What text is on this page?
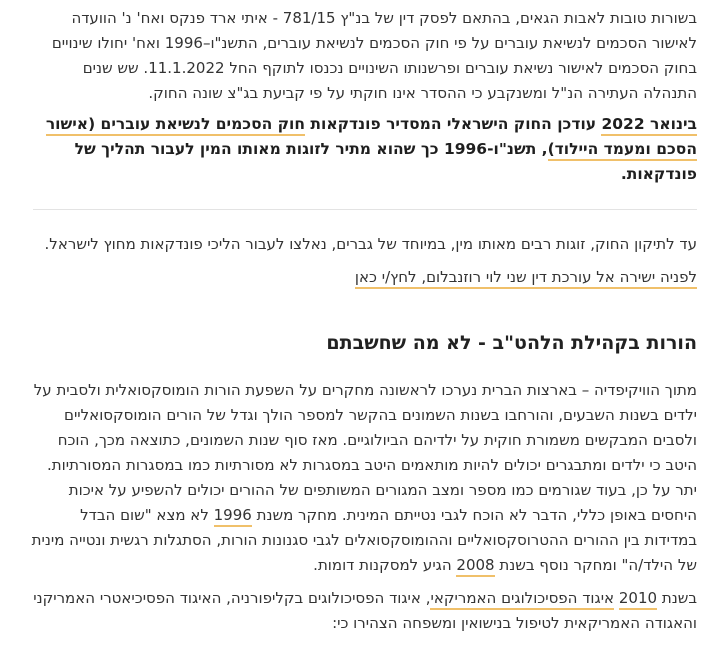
בשורות טובות לאבות הגאים, בהתאם לפסק דין של בנ"ץ 781/15 - איתי ארד פנקס ואח' נ' הוועדה לאישור הסכמים לנשיאת עוברים על פי חוק הסכמים לנשיאת עוברים, התשנ"ו–1996 ואח' יחולו שינויים בחוק הסכמים לאישור נשיאת עוברים ופרשנותו השינויים נכנסו לתוקף החל 11.1.2022. שש שנים התנהלה העתירה הנ"ל ומשנקבע כי ההסדר אינו חוקתי על פי קביעת בג"צ שונה החוק.

בינואר 2022 עודכן החוק הישראלי המסדיר פונדקאות חוק הסכמים לנשיאת עוברים (אישור הסכם ומעמד היילוד), תשנ"ו-1996 כך שהוא מתיר לזוגות מאותו המין לעבור תהליך של פונדקאות.

עד לתיקון החוק, זוגות רבים מאותו מין, במיוחד של גברים, נאלצו לעבור הליכי פונדקאות מחוץ לישראל.

לפניה ישירה אל עורכת דין שני לוי רוזנבלום, לחץ/י כאן

הורות בקהילת הלהט"ב - לא מה שחשבתם

מתוך הוויקיפדיה – בארצות הברית נערכו לראשונה מחקרים על השפעת הורות הומוסקסואלית ולסבית על ילדים בשנות השבעים, והורחבו בשנות השמונים בהקשר למספר הולך וגדל של הורים הומוסקסואליים ולסבים המבקשים משמורת חוקית על ילדיהם הביולוגיים. מאז סוף שנות השמונים, כתוצאה מכך, הוכח היטב כי ילדים ומתבגרים יכולים להיות מותאמים היטב במסגרות לא מסורתיות כמו במסגרות המסורתיות. יתר על כן, בעוד שגורמים כמו מספר ומצב המגורים המשותפים של ההורים יכולים להשפיע על איכות היחסים באופן כללי, הדבר לא הוכח לגבי נטייתם המינית. מחקר משנת 1996 לא מצא "שום הבדל במדידות בין ההורים ההטרוסקסואליים וההומוסקסואלים לגבי סגנונות הורות, הסתגלות רגשית ונטייה מינית של הילד/ה" ומחקר נוסף בשנת 2008 הגיע למסקנות דומות.

בשנת 2010 איגוד הפסיכולוגים האמריקאי, איגוד הפסיכולוגים בקליפורניה, האיגוד הפסיכיאטרי האמריקני והאגודה האמריקאית לטיפול בנישואין ומשפחה הצהירו כי:
